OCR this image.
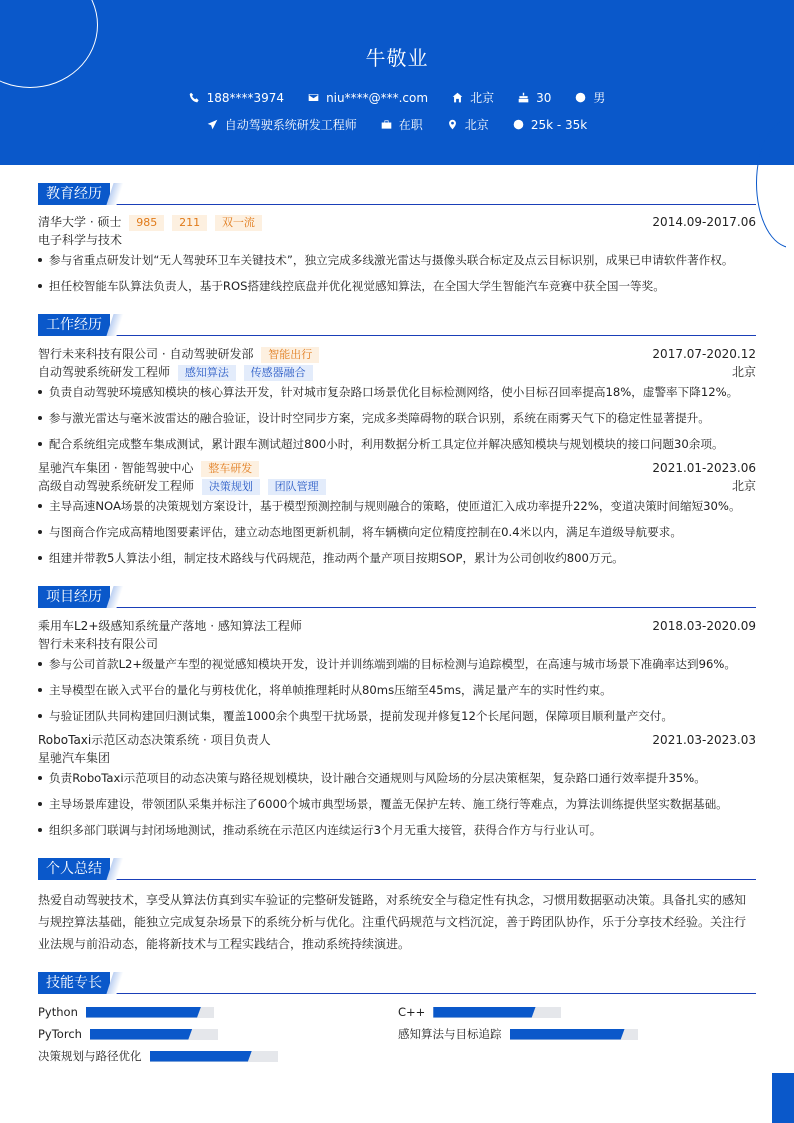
牛敬业
188****3974	niu****@***.com	北京	30	男
自动驾驶系统研发工程师	在职	北京	25k - 35k
教育经历
清华大学 · 硕士 985 211 双一流	2014.09-2017.06
电子科学与技术
参与省重点研发计划“无人驾驶环卫车关键技术”，独立完成多线激光雷达与摄像头联合标定及点云目标识别，成果已申请软件著作权。
担任校智能车队算法负责人，基于ROS搭建线控底盘并优化视觉感知算法，在全国大学生智能汽车竞赛中获全国一等奖。
工作经历
智行未来科技有限公司 · 自动驾驶研发部 智能出行	2017.07-2020.12
自动驾驶系统研发工程师 感知算法 传感器融合	北京
负责自动驾驶环境感知模块的核心算法开发，针对城市复杂路口场景优化目标检测网络，使小目标召回率提高18%，虚警率下降12%。
参与激光雷达与毫米波雷达的融合验证，设计时空同步方案，完成多类障碍物的联合识别，系统在雨雾天气下的稳定性显著提升。
配合系统组完成整车集成测试，累计跟车测试超过800小时，利用数据分析工具定位并解决感知模块与规划模块的接口问题30余项。
星驰汽车集团 · 智能驾驶中心 整车研发	2021.01-2023.06
高级自动驾驶系统研发工程师 决策规划 团队管理	北京
主导高速NOA场景的决策规划方案设计，基于模型预测控制与规则融合的策略，使匝道汇入成功率提升22%，变道决策时间缩短30%。
与图商合作完成高精地图要素评估，建立动态地图更新机制，将车辆横向定位精度控制在0.4米以内，满足车道级导航要求。
组建并带教5人算法小组，制定技术路线与代码规范，推动两个量产项目按期SOP，累计为公司创收约800万元。
项目经历
乘用车L2+级感知系统量产落地 · 感知算法工程师	2018.03-2020.09
智行未来科技有限公司
参与公司首款L2+级量产车型的视觉感知模块开发，设计并训练端到端的目标检测与追踪模型，在高速与城市场景下准确率达到96%。
主导模型在嵌入式平台的量化与剪枝优化，将单帧推理耗时从80ms压缩至45ms，满足量产车的实时性约束。
与验证团队共同构建回归测试集，覆盖1000余个典型干扰场景，提前发现并修复12个长尾问题，保障项目顺利量产交付。
RoboTaxi示范区动态决策系统 · 项目负责人	2021.03-2023.03
星驰汽车集团
负责RoboTaxi示范项目的动态决策与路径规划模块，设计融合交通规则与风险场的分层决策框架，复杂路口通行效率提升35%。
主导场景库建设，带领团队采集并标注了6000个城市典型场景，覆盖无保护左转、施工绕行等难点，为算法训练提供坚实数据基础。
组织多部门联调与封闭场地测试，推动系统在示范区内连续运行3个月无重大接管，获得合作方与行业认可。
个人总结
热爱自动驾驶技术，享受从算法仿真到实车验证的完整研发链路，对系统安全与稳定性有执念，习惯用数据驱动决策。具备扎实的感知
与规控算法基础，能独立完成复杂场景下的系统分析与优化。注重代码规范与文档沉淀，善于跨团队协作，乐于分享技术经验。关注行
业法规与前沿动态，能将新技术与工程实践结合，推动系统持续演进。
技能专长
Python	C++
PyTorch	感知算法与目标追踪
决策规划与路径优化
